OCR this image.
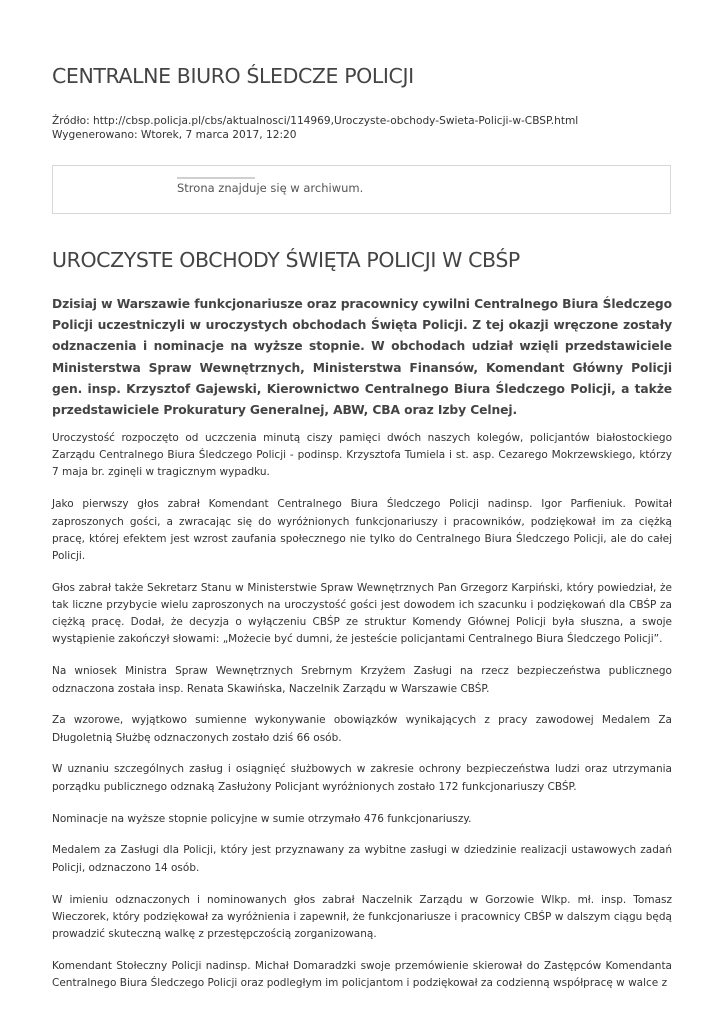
CENTRALNE BIURO ŚLEDCZE POLICJI
Źródło: http://cbsp.policja.pl/cbs/aktualnosci/114969,Uroczyste-obchody-Swieta-Policji-w-CBSP.html
Wygenerowano: Wtorek, 7 marca 2017, 12:20
Strona znajduje się w archiwum.
UROCZYSTE OBCHODY ŚWIĘTA POLICJI W CBŚP

Dzisiaj w Warszawie funkcjonariusze oraz pracownicy cywilni Centralnego Biura Śledczego Policji uczestniczyli w uroczystych obchodach Święta Policji. Z tej okazji wręczone zostały odznaczenia i nominacje na wyższe stopnie. W obchodach udział wzięli przedstawiciele Ministerstwa Spraw Wewnętrznych, Ministerstwa Finansów, Komendant Główny Policji gen. insp. Krzysztof Gajewski, Kierownictwo Centralnego Biura Śledczego Policji, a także przedstawiciele Prokuratury Generalnej, ABW, CBA oraz Izby Celnej.

Uroczystość rozpoczęto od uczczenia minutą ciszy pamięci dwóch naszych kolegów, policjantów białostockiego Zarządu Centralnego Biura Śledczego Policji - podinsp. Krzysztofa Tumiela i st. asp. Cezarego Mokrzewskiego, którzy 7 maja br. zginęli w tragicznym wypadku.

Jako pierwszy głos zabrał Komendant Centralnego Biura Śledczego Policji nadinsp. Igor Parfieniuk. Powitał zaproszonych gości, a zwracając się do wyróżnionych funkcjonariuszy i pracowników, podziękował im za ciężką pracę, której efektem jest wzrost zaufania społecznego nie tylko do Centralnego Biura Śledczego Policji, ale do całej Policji.

Głos zabrał także Sekretarz Stanu w Ministerstwie Spraw Wewnętrznych Pan Grzegorz Karpiński, który powiedział, że tak liczne przybycie wielu zaproszonych na uroczystość gości jest dowodem ich szacunku i podziękowań dla CBŚP za ciężką pracę. Dodał, że decyzja o wyłączeniu CBŚP ze struktur Komendy Głównej Policji była słuszna, a swoje wystąpienie zakończył słowami: „Możecie być dumni, że jesteście policjantami Centralnego Biura Śledczego Policji”.

Na wniosek Ministra Spraw Wewnętrznych Srebrnym Krzyżem Zasługi na rzecz bezpieczeństwa publicznego odznaczona została insp. Renata Skawińska, Naczelnik Zarządu w Warszawie CBŚP.

Za wzorowe, wyjątkowo sumienne wykonywanie obowiązków wynikających z pracy zawodowej Medalem Za Długoletnią Służbę odznaczonych zostało dziś 66 osób.

W uznaniu szczególnych zasług i osiągnięć służbowych w zakresie ochrony bezpieczeństwa ludzi oraz utrzymania porządku publicznego odznaką Zasłużony Policjant wyróżnionych zostało 172 funkcjonariuszy CBŚP.

Nominacje na wyższe stopnie policyjne w sumie otrzymało 476 funkcjonariuszy.

Medalem za Zasługi dla Policji, który jest przyznawany za wybitne zasługi w dziedzinie realizacji ustawowych zadań Policji, odznaczono 14 osób.

W imieniu odznaczonych i nominowanych głos zabrał Naczelnik Zarządu w Gorzowie Wlkp. mł. insp. Tomasz Wieczorek, który podziękował za wyróżnienia i zapewnił, że funkcjonariusze i pracownicy CBŚP w dalszym ciągu będą prowadzić skuteczną walkę z przestępczością zorganizowaną.

Komendant Stołeczny Policji nadinsp. Michał Domaradzki swoje przemówienie skierował do Zastępców Komendanta Centralnego Biura Śledczego Policji oraz podległym im policjantom i podziękował za codzienną współpracę w walce z
